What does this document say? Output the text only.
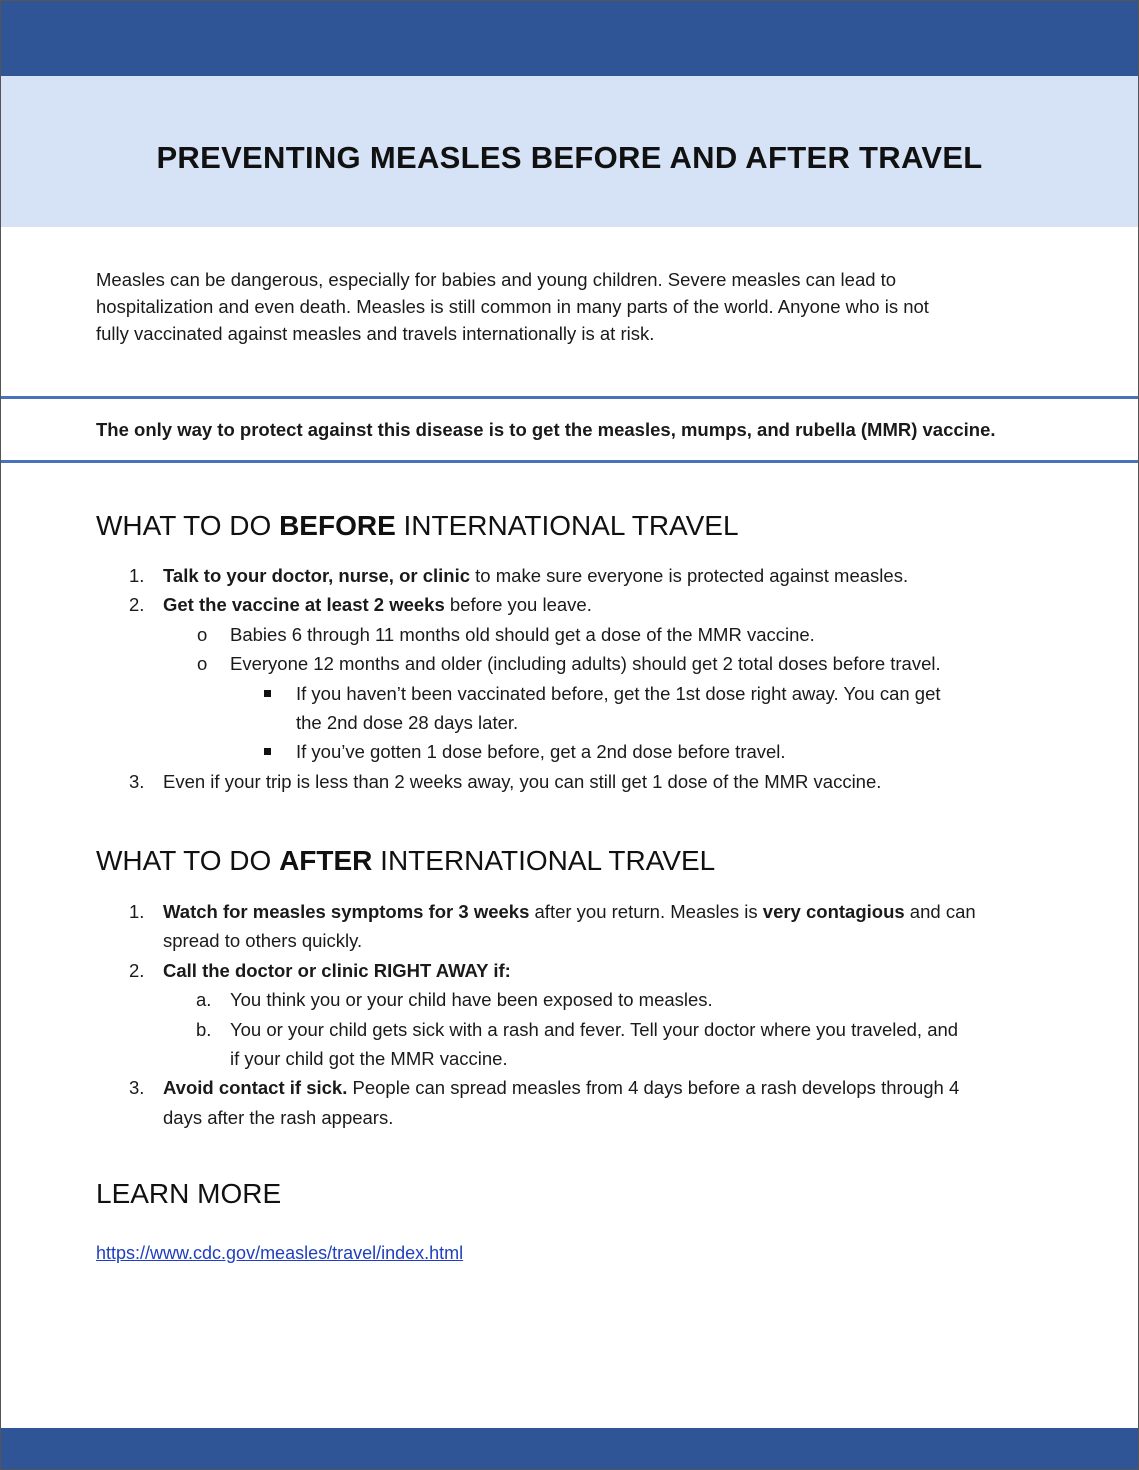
PREVENTING MEASLES BEFORE AND AFTER TRAVEL
Measles can be dangerous, especially for babies and young children. Severe measles can lead to
hospitalization and even death. Measles is still common in many parts of the world. Anyone who is not
fully vaccinated against measles and travels internationally is at risk.

The only way to protect against this disease is to get the measles, mumps, and rubella (MMR) vaccine.

WHAT TO DO BEFORE INTERNATIONAL TRAVEL
1. Talk to your doctor, nurse, or clinic to make sure everyone is protected against measles.
2. Get the vaccine at least 2 weeks before you leave.
o Babies 6 through 11 months old should get a dose of the MMR vaccine.
o Everyone 12 months and older (including adults) should get 2 total doses before travel.
If you haven’t been vaccinated before, get the 1st dose right away. You can get
the 2nd dose 28 days later.
If you’ve gotten 1 dose before, get a 2nd dose before travel.
3. Even if your trip is less than 2 weeks away, you can still get 1 dose of the MMR vaccine.
WHAT TO DO AFTER INTERNATIONAL TRAVEL
1. Watch for measles symptoms for 3 weeks after you return. Measles is very contagious and can
spread to others quickly.
2. Call the doctor or clinic RIGHT AWAY if:
a. You think you or your child have been exposed to measles.
b. You or your child gets sick with a rash and fever. Tell your doctor where you traveled, and
if your child got the MMR vaccine.
3. Avoid contact if sick. People can spread measles from 4 days before a rash develops through 4
days after the rash appears.
LEARN MORE
https://www.cdc.gov/measles/travel/index.html
